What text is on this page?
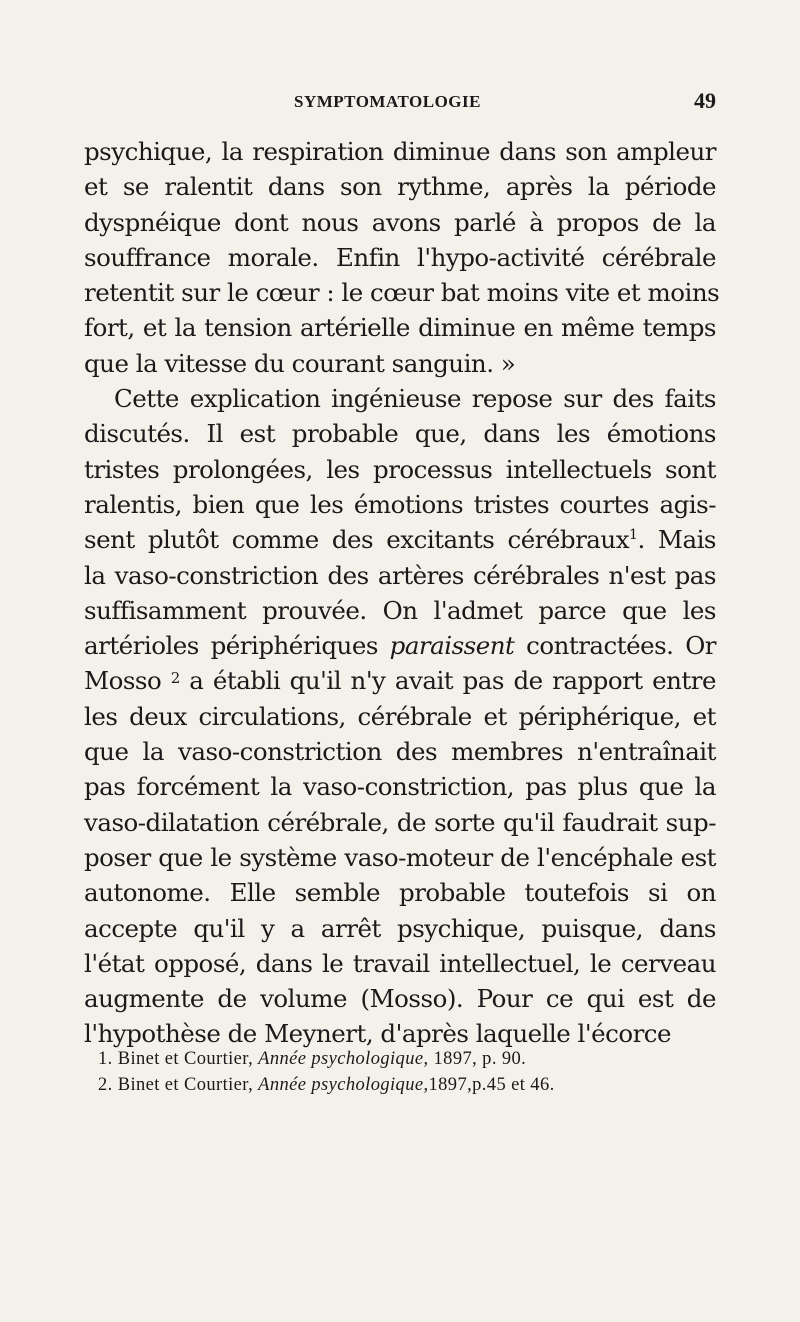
SYMPTOMATOLOGIE	49
psychique, la respiration diminue dans son ampleur
et se ralentit dans son rythme, après la période
dyspnéique dont nous avons parlé à propos de la
souffrance morale. Enfin l'hypo-activité cérébrale
retentit sur le cœur : le cœur bat moins vite et moins
fort, et la tension artérielle diminue en même temps
que la vitesse du courant sanguin. »
Cette explication ingénieuse repose sur des faits
discutés. Il est probable que, dans les émotions
tristes prolongées, les processus intellectuels sont
ralentis, bien que les émotions tristes courtes agis-
sent plutôt comme des excitants cérébraux$^1$. Mais
la vaso-constriction des artères cérébrales n'est pas
suffisamment prouvée. On l'admet parce que les
artérioles périphériques paraissent contractées. Or
Mosso $^2$ a établi qu'il n'y avait pas de rapport entre
les deux circulations, cérébrale et périphérique, et
que la vaso-constriction des membres n'entraînait
pas forcément la vaso-constriction, pas plus que la
vaso-dilatation cérébrale, de sorte qu'il faudrait sup-
poser que le système vaso-moteur de l'encéphale est
autonome. Elle semble probable toutefois si on
accepte qu'il y a arrêt psychique, puisque, dans
l'état opposé, dans le travail intellectuel, le cerveau
augmente de volume (Mosso). Pour ce qui est de
l'hypothèse de Meynert, d'après laquelle l'écorce
1. Binet et Courtier, Année psychologique, 1897, p. 90.
2. Binet et Courtier, Année psychologique,1897,p.45 et 46.
